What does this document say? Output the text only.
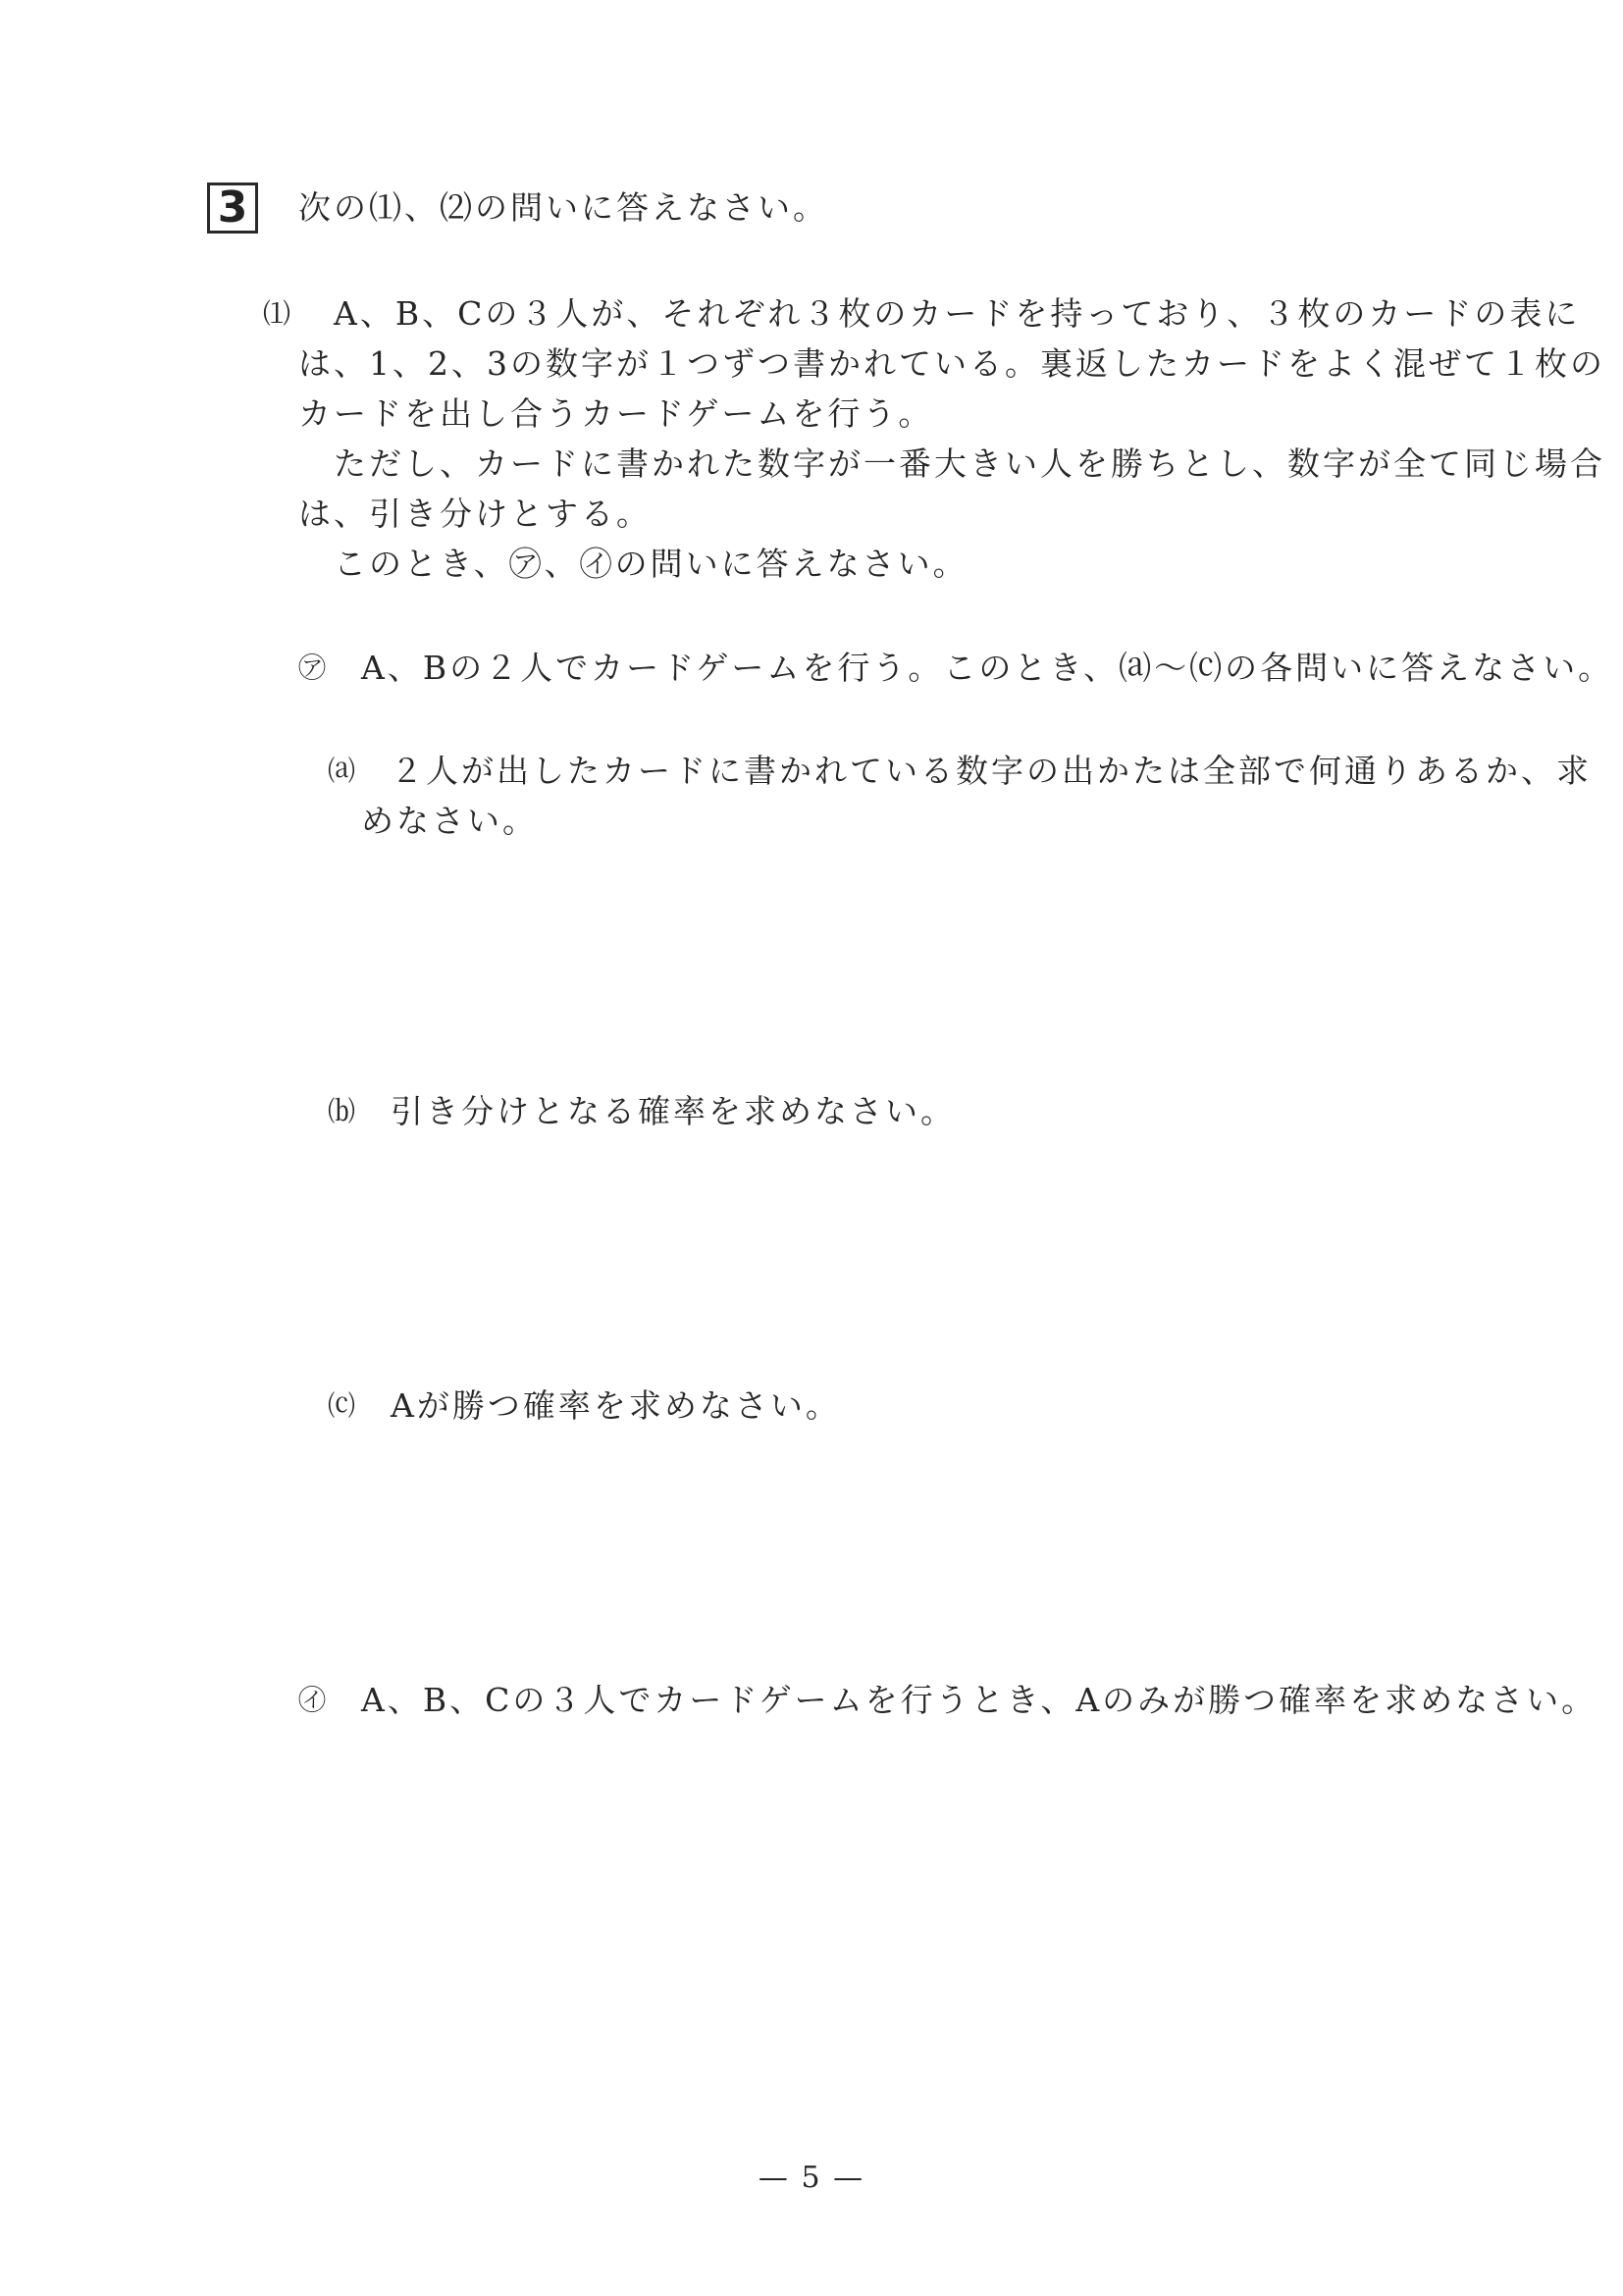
3	次の⑴、⑵の問いに答えなさい。
⑴ A、B、Cの３人が、それぞれ３枚のカードを持っており、３枚のカードの表に
は、1、2、3の数字が１つずつ書かれている。裏返したカードをよく混ぜて１枚の
カードを出し合うカードゲームを行う。
ただし、カードに書かれた数字が一番大きい人を勝ちとし、数字が全て同じ場合
は、引き分けとする。
このとき、㋐、㋑の問いに答えなさい。
㋐ A、Bの２人でカードゲームを行う。このとき、⒜～⒞の各問いに答えなさい。
⒜ ２人が出したカードに書かれている数字の出かたは全部で何通りあるか、求
めなさい。
⒝ 引き分けとなる確率を求めなさい。
⒞ Aが勝つ確率を求めなさい。
㋑ A、B、Cの３人でカードゲームを行うとき、Aのみが勝つ確率を求めなさい。
— 5 —
